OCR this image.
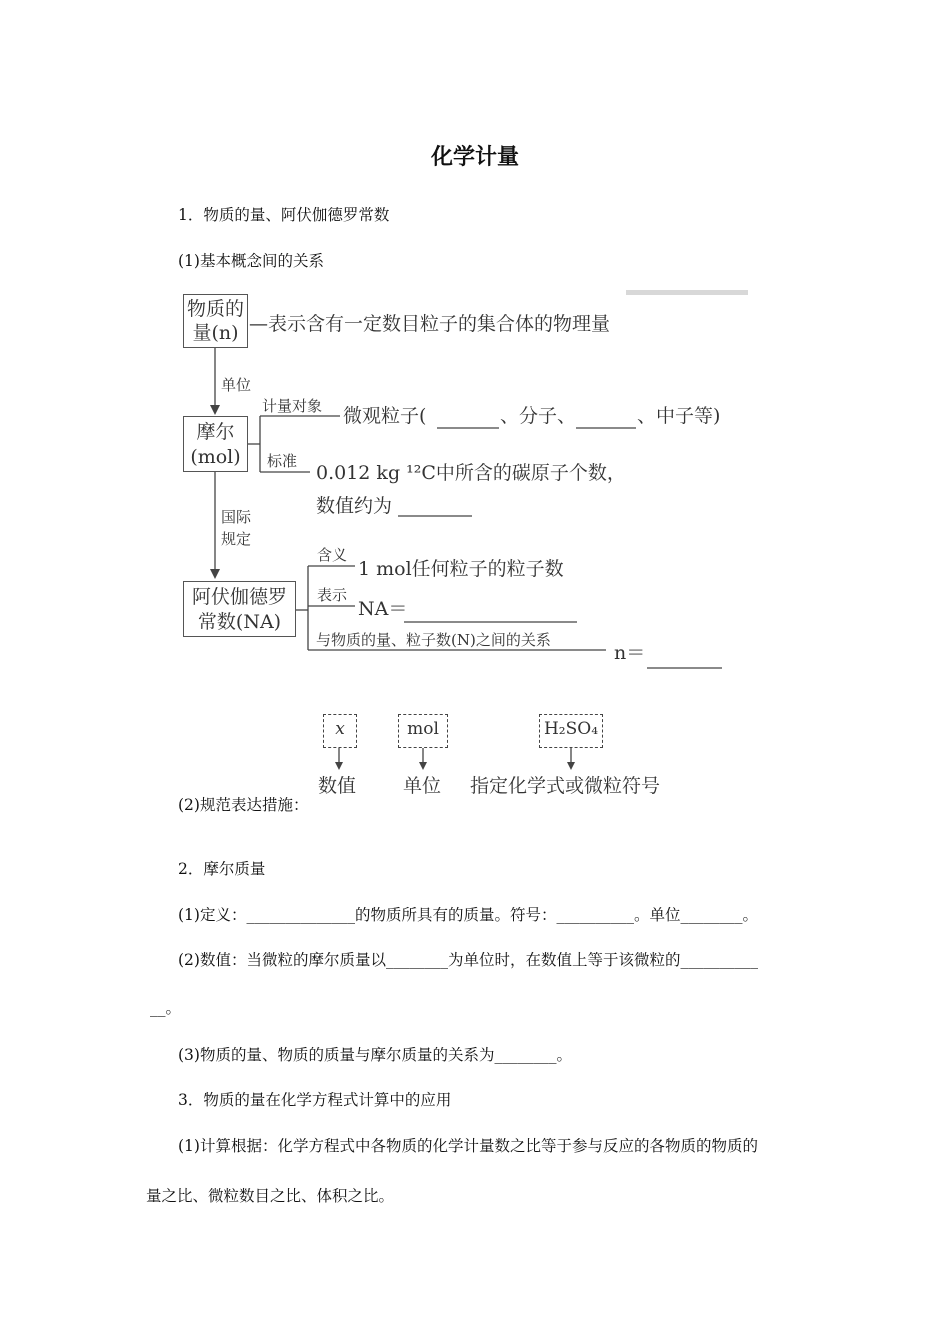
化学计量
1．物质的量、阿伏伽德罗常数
(1)基本概念间的关系
物质的
量(n) —表示含有一定数目粒子的集合体的物理量
单位
摩尔
(mol)
计量对象 微观粒子(	、分子、	、中子等)
标准
0.012 kg ¹²C中所含的碳原子个数，
数值约为
国际
规定
阿伏伽德罗
常数(NA)
含义
1 mol任何粒子的粒子数
表示
NA＝
与物质的量、粒子数(N)之间的关系
n＝
x	mol	H₂SO₄
数值 单位 指定化学式或微粒符号
(2)规范表达措施：
2．摩尔质量
(1)定义：______________的物质所具有的质量。符号：__________。单位________。
(2)数值：当微粒的摩尔质量以________为单位时，在数值上等于该微粒的__________
__。
(3)物质的量、物质的质量与摩尔质量的关系为________。
3．物质的量在化学方程式计算中的应用
(1)计算根据：化学方程式中各物质的化学计量数之比等于参与反应的各物质的物质的
量之比、微粒数目之比、体积之比。
